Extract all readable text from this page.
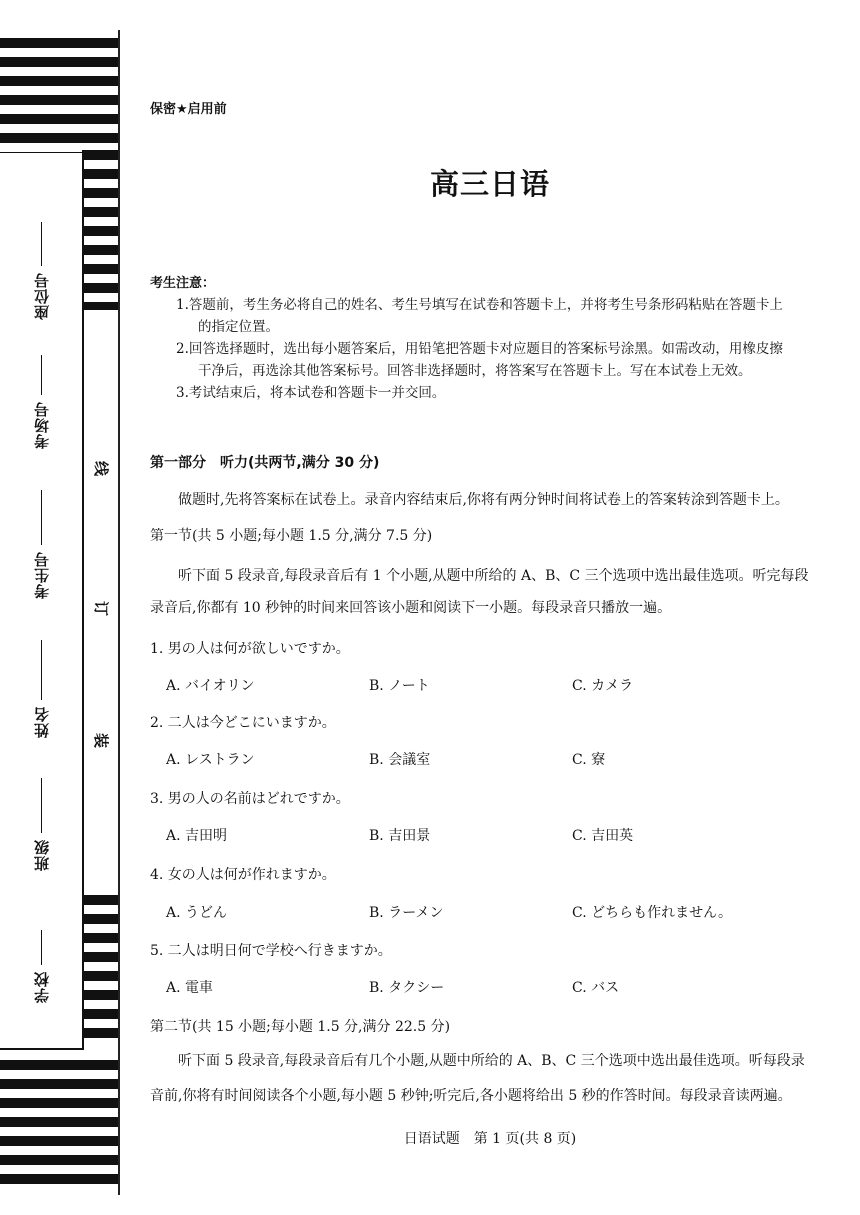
座位号
考场号
考生号
姓名
班级
学校
线
订
装
保密★启用前
高三日语
考生注意：
1.答题前，考生务必将自己的姓名、考生号填写在试卷和答题卡上，并将考生号条形码粘贴在答题卡上
的指定位置。
2.回答选择题时，选出每小题答案后，用铅笔把答题卡对应题目的答案标号涂黑。如需改动，用橡皮擦
干净后，再选涂其他答案标号。回答非选择题时，将答案写在答题卡上。写在本试卷上无效。
3.考试结束后，将本试卷和答题卡一并交回。
第一部分　听力(共两节,满分 30 分)
做题时,先将答案标在试卷上。录音内容结束后,你将有两分钟时间将试卷上的答案转涂到答题卡上。
第一节(共 5 小题;每小题 1.5 分,满分 7.5 分)
听下面 5 段录音,每段录音后有 1 个小题,从题中所给的 A、B、C 三个选项中选出最佳选项。听完每段
录音后,你都有 10 秒钟的时间来回答该小题和阅读下一小题。每段录音只播放一遍。
1. 男の人は何が欲しいですか。
A. バイオリン	B. ノート	C. カメラ
2. 二人は今どこにいますか。
A. レストラン	B. 会議室	C. 寮
3. 男の人の名前はどれですか。
A. 吉田明	B. 吉田景	C. 吉田英
4. 女の人は何が作れますか。
A. うどん	B. ラーメン	C. どちらも作れません。
5. 二人は明日何で学校へ行きますか。
A. 電車	B. タクシー	C. バス
第二节(共 15 小题;每小题 1.5 分,满分 22.5 分)
听下面 5 段录音,每段录音后有几个小题,从题中所给的 A、B、C 三个选项中选出最佳选项。听每段录
音前,你将有时间阅读各个小题,每小题 5 秒钟;听完后,各小题将给出 5 秒的作答时间。每段录音读两遍。
日语试题　第 1 页(共 8 页)
